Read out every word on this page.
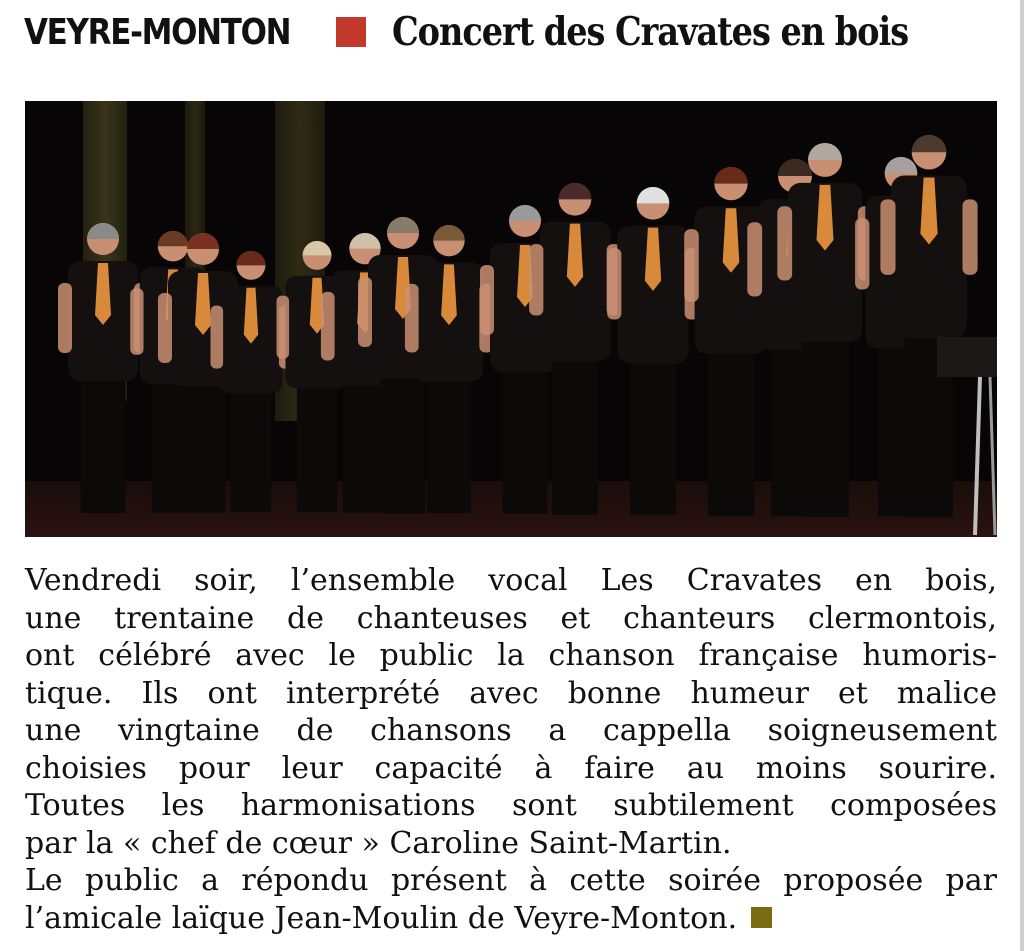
VEYRE-MONTON	Concert des Cravates en bois
Vendredi soir, l’ensemble vocal Les Cravates en bois,
une trentaine de chanteuses et chanteurs clermontois,
ont célébré avec le public la chanson française humoris-
tique. Ils ont interprété avec bonne humeur et malice
une vingtaine de chansons a cappella soigneusement
choisies pour leur capacité à faire au moins sourire.
Toutes les harmonisations sont subtilement composées
par la « chef de cœur » Caroline Saint-Martin.
Le public a répondu présent à cette soirée proposée par
l’amicale laïque Jean-Moulin de Veyre-Monton.
